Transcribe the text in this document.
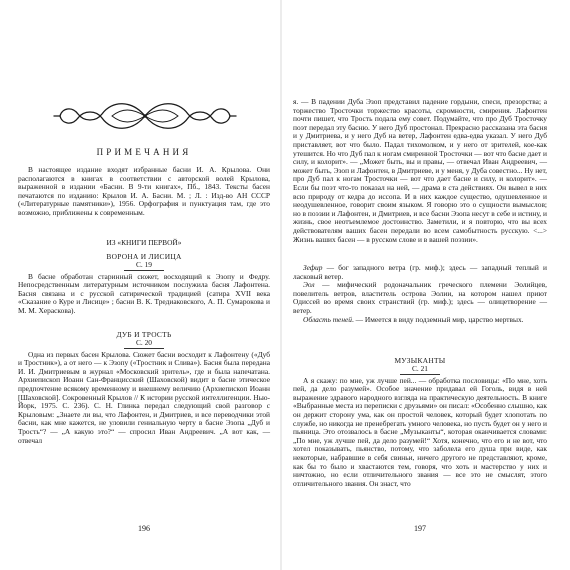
ПРИМЕЧАНИЯ

В настоящее издание входят избранные басни И. А. Крылова. Они располагаются в книгах в соответствии с авторской волей Крылова, выраженной в издании «Басни. В 9-ти книгах», Пб., 1843. Тексты басен печатаются по изданию: Крылов И. А. Басни. М. ; Л. : Изд-во АН СССР («Литературные памятники»), 1956. Орфография и пунктуация там, где это возможно, приближены к современным.

ИЗ «КНИГИ ПЕРВОЙ»
ВОРОНА И ЛИСИЦА
С. 19

В басне обработан старинный сюжет, восходящий к Эзопу и Федру. Непосредственным литературным источником послужила басня Лафонтена. Басня связана и с русской сатирической традицией (сатира XVII века «Сказание о Куре и Лисице» ; басни В. К. Тредиаковского, А. П. Сумарокова и М. М. Хераскова).

ДУБ И ТРОСТЬ
С. 20

Одна из первых басен Крылова. Сюжет басни восходит к Лафонтену («Дуб и Тростник»), а от него — к Эзопу («Тростник и Слива»). Басня была передана И. И. Дмитриевым в журнал «Московский зритель», где и была напечатана. Архиепископ Иоанн Сан-Францисский (Шаховской) видит в басне этическое предпочтение всякому временному и внешнему величию (Архиепископ Иоанн [Шаховской]. Сокровенный Крылов // К истории русской интеллигенции. Нью-Йорк, 1975. С. 236). С. Н. Глинка передал следующий свой разговор с Крыловым: „Знаете ли вы, что Лафонтен, и Дмитриев, и все переводчики этой басни, как мне кажется, не уловили гениальную черту в басне Эзопа „Дуб и Трость“? — „А какую это?“ — спросил Иван Андреевич. „А вот как, — отвечал

196

я. — В падении Дуба Эзоп представил падение гордыни, спеси, презорства; а торжество Тросточки торжество красоты, скромности, смирения. Лафонтен почти пишет, что Трость подала ему совет. Подумайте, что про Дуб Тросточку поэт передал эту басню. У него Дуб простонал. Прекрасно рассказана эта басня и у Дмитриева, и у него Дуб на ветер, Лафонтен едва-едва указал. У него Дуб приставляет, вот что было. Падал тихомолком, и у него от зрителей, кое-как утешится. Но что Дуб пал к ногам смиренной Тросточки — вот что басне дает и силу, и колорит». — „Может быть, вы и правы, — отвечал Иван Андреевич, — может быть, Эзоп и Лафонтен, в Дмитриеве, и у меня, у Дуба совестно... Ну нет, про Дуб пал к ногам Тросточки — вот что дает басне и силу, и колорит». — Если бы поэт что-то показал на ней, — драма в ста действиях. Он вывел в них всю природу от кедра до иссопа. И в них каждое существо, одушевленное и неодушевленное, говорит своим языком. Я говорю это о сущности вымыслов; но в поэзии и Лафонтен, и Дмитриев, и все басни Эзопа несут в себе и истину, и жизнь, свое неотъемлемое достоинство. Заметили, и я повторю, что вы всех действователям ваших басен передали во всем самобытность русскую. <...> Жизнь ваших басен — в русском слове и в вашей поэзии».

Зефир — бог западного ветра (гр. миф.); здесь — западный теплый и ласковый ветер.

Эол — мифический родоначальник греческого племени Эолийцев, повелитель ветров, властитель острова Эолии, на котором нашел приют Одиссей во время своих странствий (гр. миф.); здесь — олицетворение — ветер.

Область теней. — Имеется в виду подземный мир, царство мертвых.

МУЗЫКАНТЫ
С. 21

А я скажу: по мне, уж лучше пей... — обработка пословицы: «По мне, хоть пей, да дело разумей». Особое значение придавал ей Гоголь, видя в ней выражение здравого народного взгляда на практическую деятельность. В книге «Выбранные места из переписки с друзьями» он писал: «Особенно слышно, как он держит сторону ума, как он простой человек, который будет хлопотать по службе, но никогда не пренебрегать умного человека, но пусть будет он у него и пьяница. Это отозвалось в басне „Музыканты“, которая оканчивается словами: „По мне, уж лучше пей, да дело разумей!“ Хотя, конечно, что его и не вот, что хотел показывать, пьянство, потому, что заболела его душа при виде, как некоторые, набравшие в себя свиньи, ничего другого не представляют, кроме, как бы то было и хвастаются тем, говоря, что хоть и мастерство у них и ничтожно, но если отличительного звания — все это не смыслят, этого отличительного звания. Он знаст, что

197
